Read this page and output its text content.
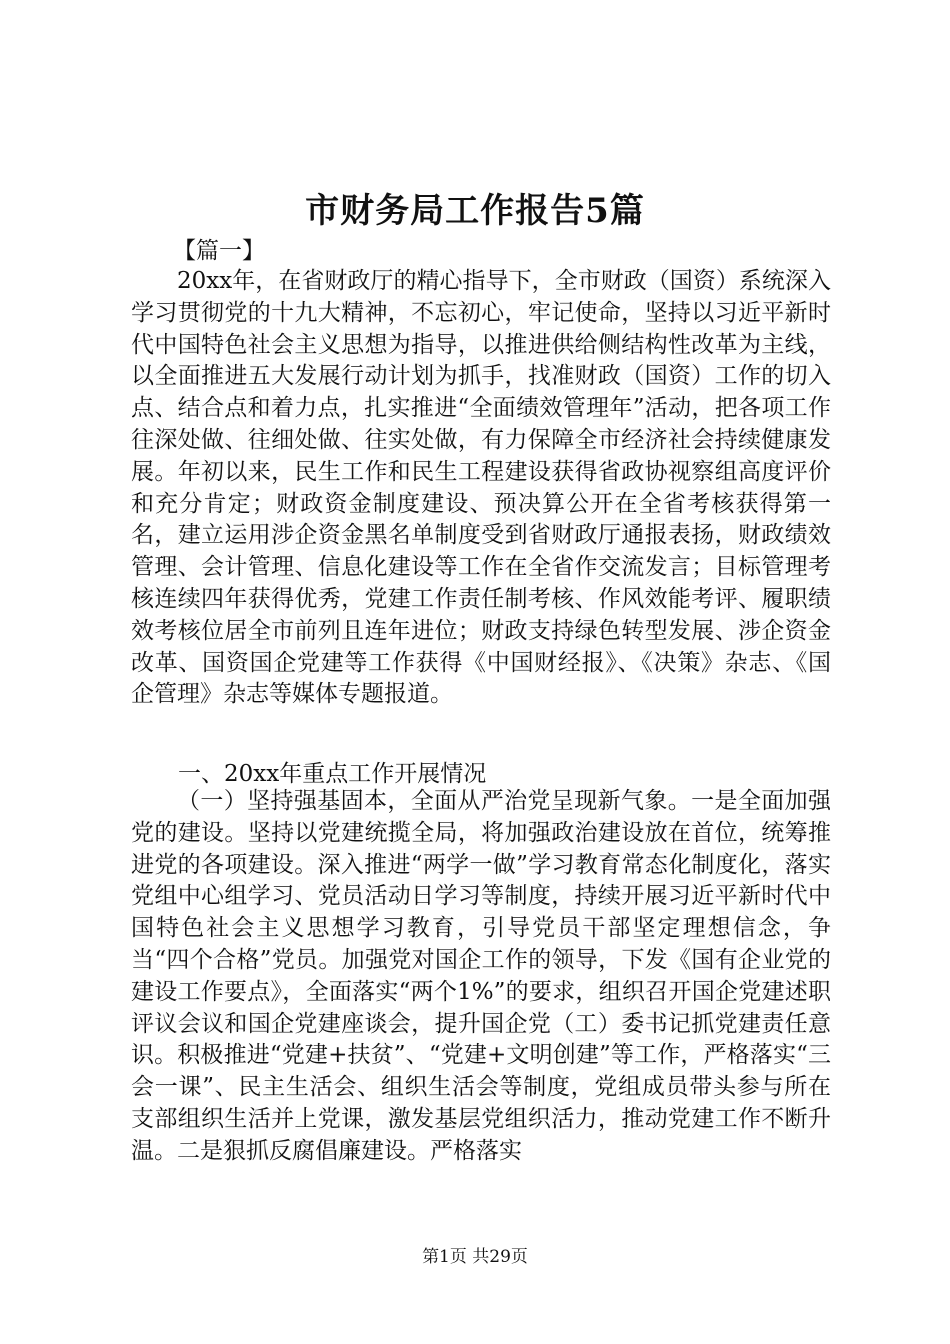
市财务局工作报告5篇
【篇一】
20xx年，在省财政厅的精心指导下，全市财政（国资）系统深入学习贯彻党的十九大精神，不忘初心，牢记使命，坚持以习近平新时代中国特色社会主义思想为指导，以推进供给侧结构性改革为主线，以全面推进五大发展行动计划为抓手，找准财政（国资）工作的切入点、结合点和着力点，扎实推进“全面绩效管理年”活动，把各项工作往深处做、往细处做、往实处做，有力保障全市经济社会持续健康发展。年初以来，民生工作和民生工程建设获得省政协视察组高度评价和充分肯定；财政资金制度建设、预决算公开在全省考核获得第一名，建立运用涉企资金黑名单制度受到省财政厅通报表扬，财政绩效管理、会计管理、信息化建设等工作在全省作交流发言；目标管理考核连续四年获得优秀，党建工作责任制考核、作风效能考评、履职绩效考核位居全市前列且连年进位；财政支持绿色转型发展、涉企资金改革、国资国企党建等工作获得《中国财经报》、《决策》杂志、《国企管理》杂志等媒体专题报道。
一、20xx年重点工作开展情况
（一）坚持强基固本，全面从严治党呈现新气象。一是全面加强党的建设。坚持以党建统揽全局，将加强政治建设放在首位，统筹推进党的各项建设。深入推进“两学一做”学习教育常态化制度化，落实党组中心组学习、党员活动日学习等制度，持续开展习近平新时代中国特色社会主义思想学习教育，引导党员干部坚定理想信念，争当“四个合格”党员。加强党对国企工作的领导，下发《国有企业党的建设工作要点》，全面落实“两个1%”的要求，组织召开国企党建述职评议会议和国企党建座谈会，提升国企党（工）委书记抓党建责任意识。积极推进“党建+扶贫”、“党建+文明创建”等工作，严格落实“三会一课”、民主生活会、组织生活会等制度，党组成员带头参与所在支部组织生活并上党课，激发基层党组织活力，推动党建工作不断升温。二是狠抓反腐倡廉建设。严格落实
第1页 共29页
